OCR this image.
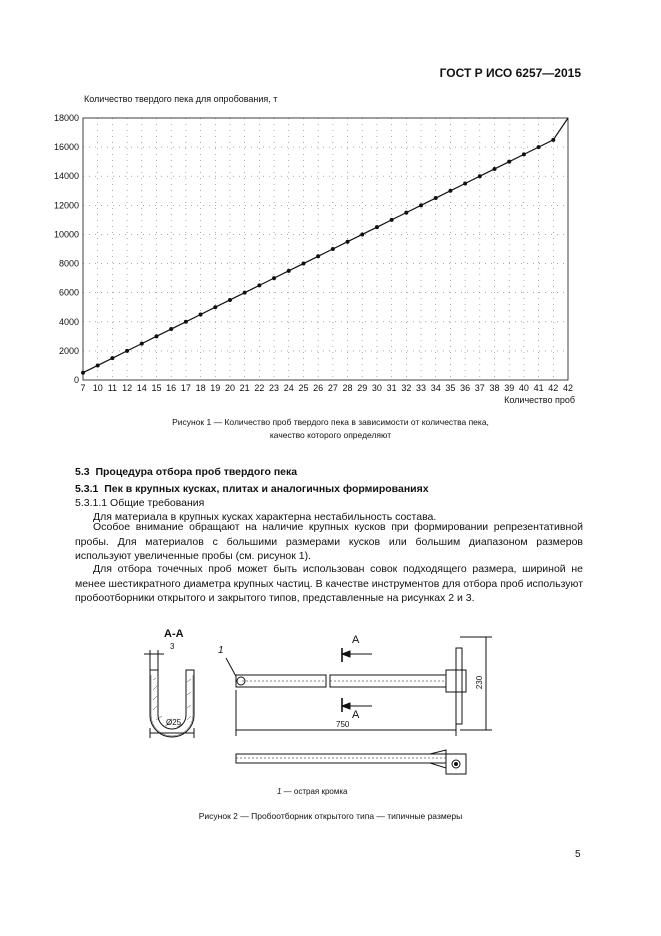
ГОСТ Р ИСО 6257—2015
Количество твердого пека для опробования, т
0
2000
4000
6000
8000
10000
12000
14000
16000
18000
7 10 11 12 14 15 16 17 18 19 20 21 22 23 24 25 26 27 28 29 30 31 32 33 34 35 36 37 38 39 40 41 42 42
Количество проб
Рисунок 1 — Количество проб твердого пека в зависимости от количества пека,
качество которого определяют
5.3 Процедура отбора проб твердого пека
5.3.1 Пек в крупных кусках, плитах и аналогичных формированиях
5.3.1.1 Общие требования
Для материала в крупных кусках характерна нестабильность состава.
Особое внимание обращают на наличие крупных кусков при формировании репрезентативной пробы. Для материалов с большими размерами кусков или большим диапазоном размеров используют увеличенные пробы (см. рисунок 1).
Для отбора точечных проб может быть использован совок подходящего размера, шириной не менее шестикратного диаметра крупных частиц. В качестве инструментов для отбора проб используют пробоотборники открытого и закрытого типов, представленные на рисунках 2 и 3.
А-А
3
Ø25
1
А
А
750
230
1 — острая кромка
Рисунок 2 — Пробоотборник открытого типа — типичные размеры
5
